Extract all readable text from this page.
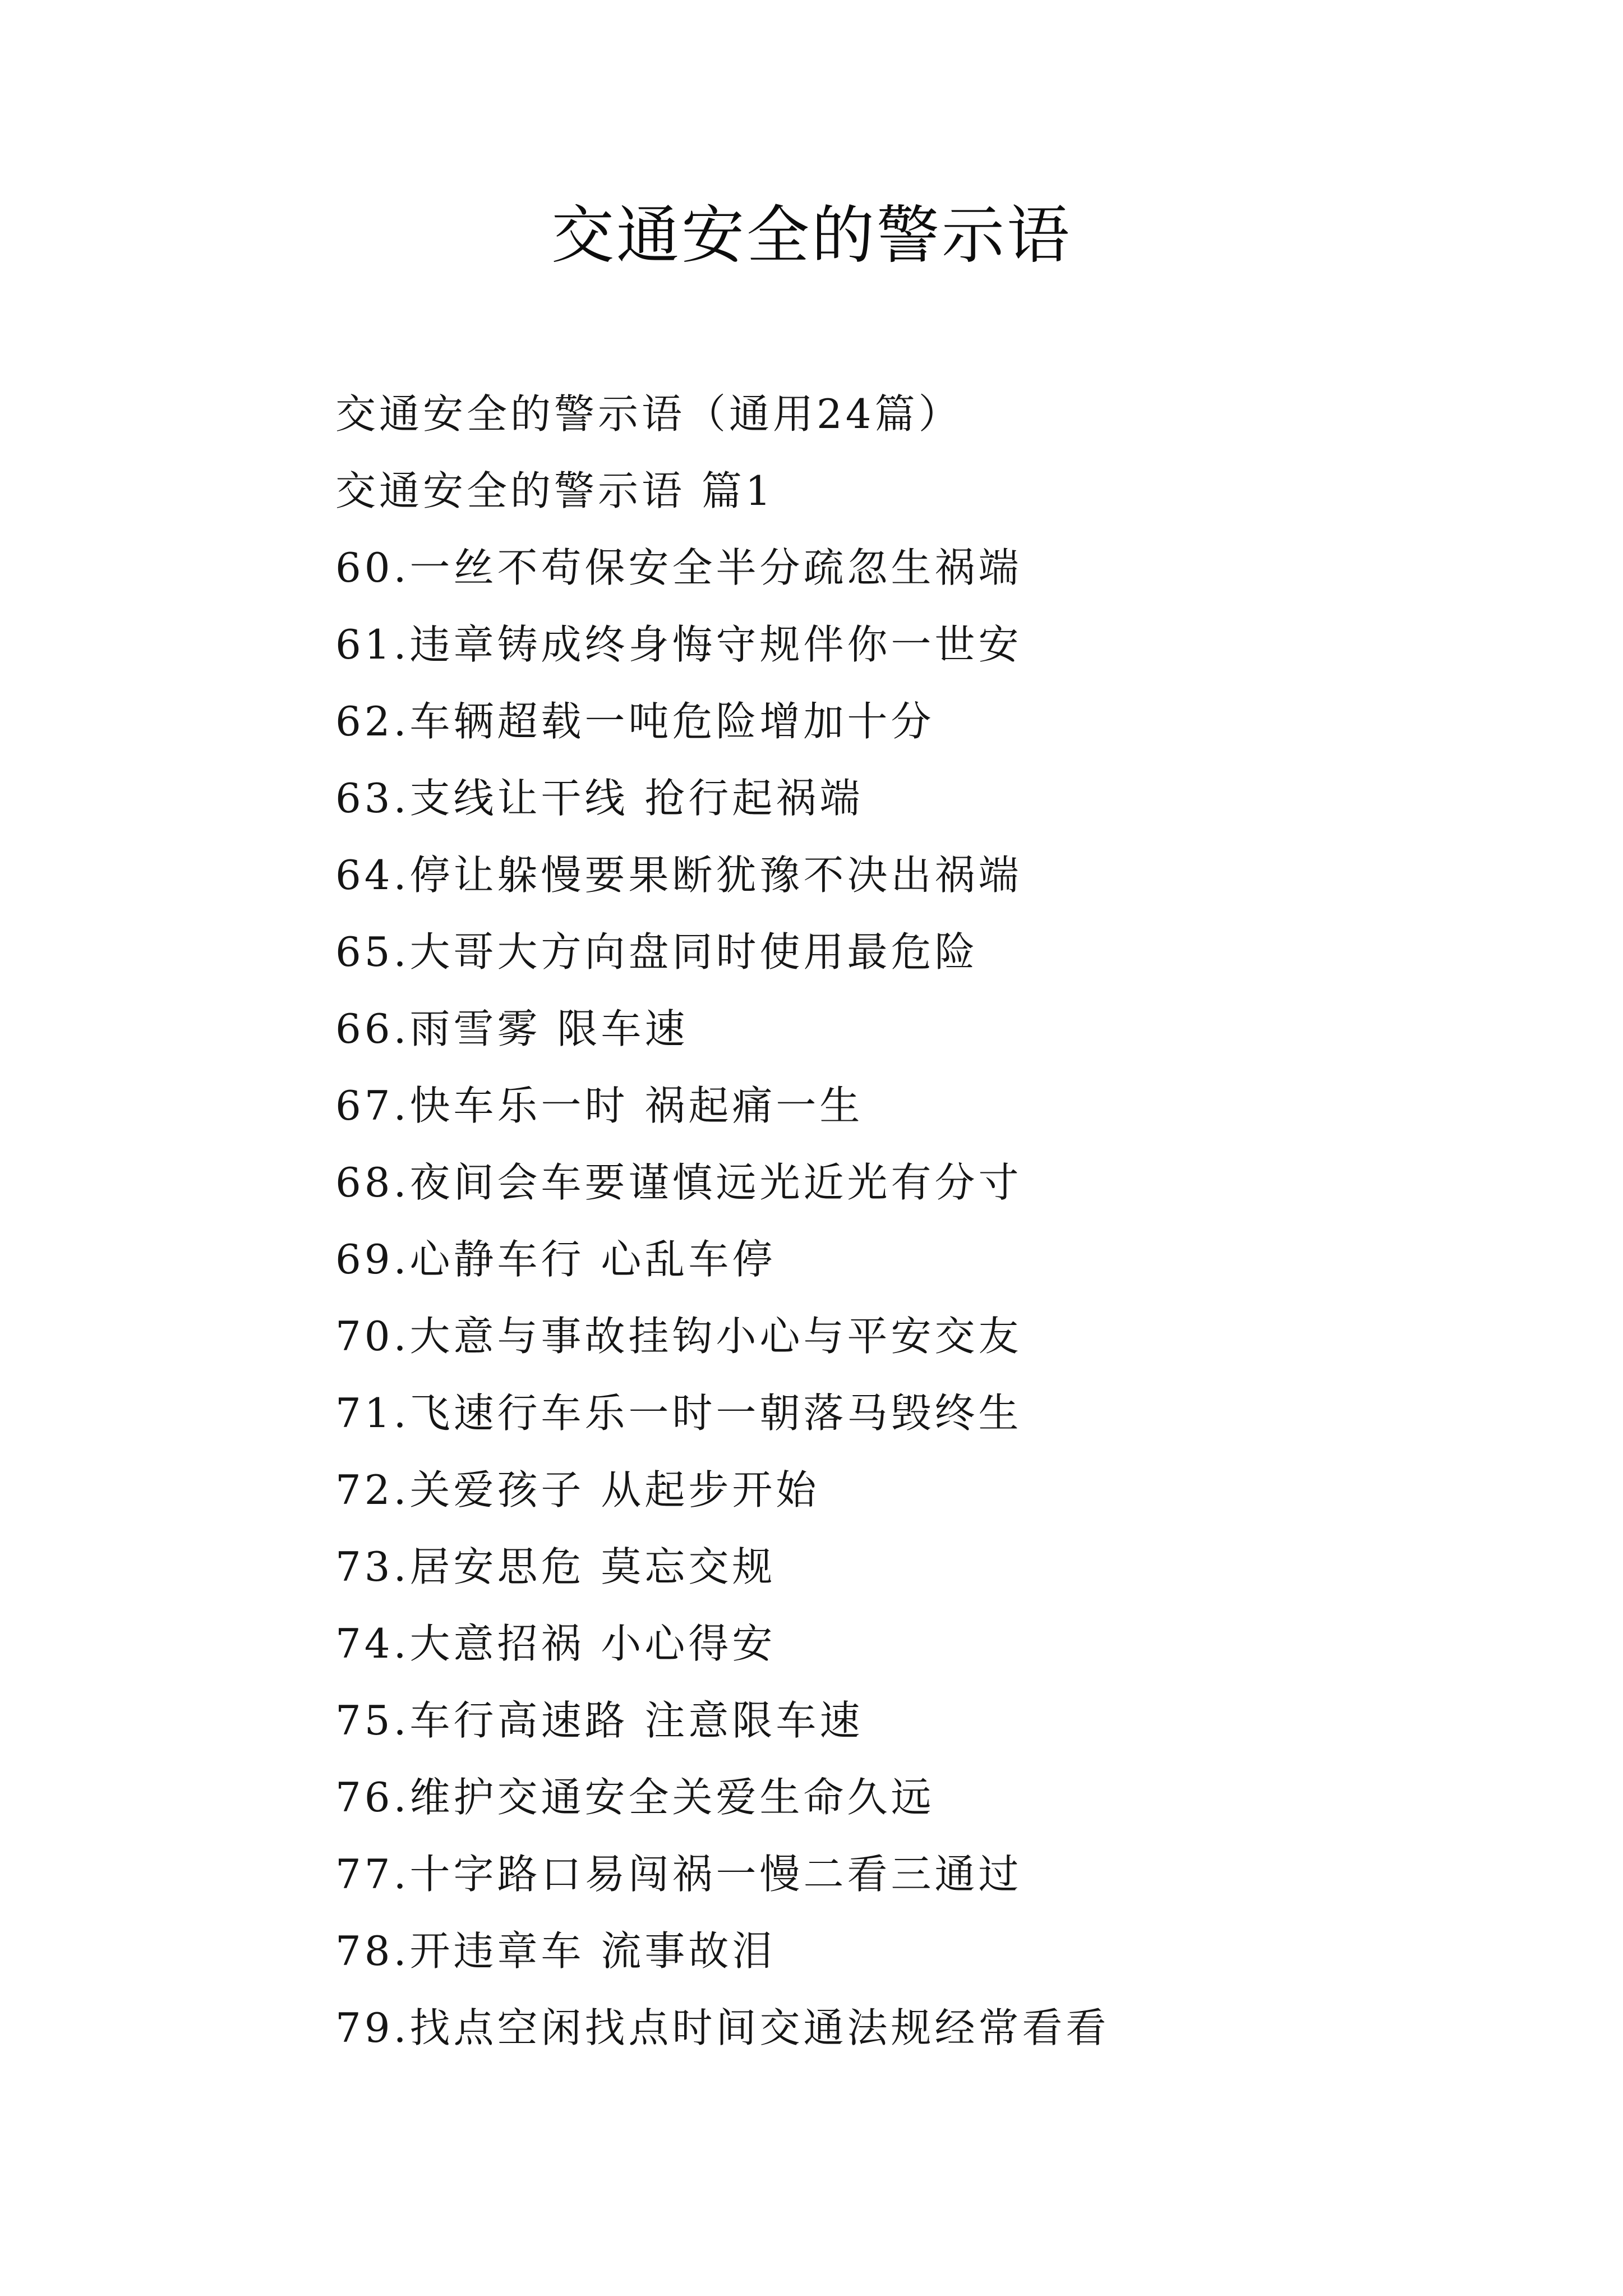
交通安全的警示语
交通安全的警示语（通用24篇）
交通安全的警示语 篇1
60.一丝不苟保安全半分疏忽生祸端
61.违章铸成终身悔守规伴你一世安
62.车辆超载一吨危险增加十分
63.支线让干线 抢行起祸端
64.停让躲慢要果断犹豫不决出祸端
65.大哥大方向盘同时使用最危险
66.雨雪雾 限车速
67.快车乐一时 祸起痛一生
68.夜间会车要谨慎远光近光有分寸
69.心静车行 心乱车停
70.大意与事故挂钩小心与平安交友
71.飞速行车乐一时一朝落马毁终生
72.关爱孩子 从起步开始
73.居安思危 莫忘交规
74.大意招祸 小心得安
75.车行高速路 注意限车速
76.维护交通安全关爱生命久远
77.十字路口易闯祸一慢二看三通过
78.开违章车 流事故泪
79.找点空闲找点时间交通法规经常看看
